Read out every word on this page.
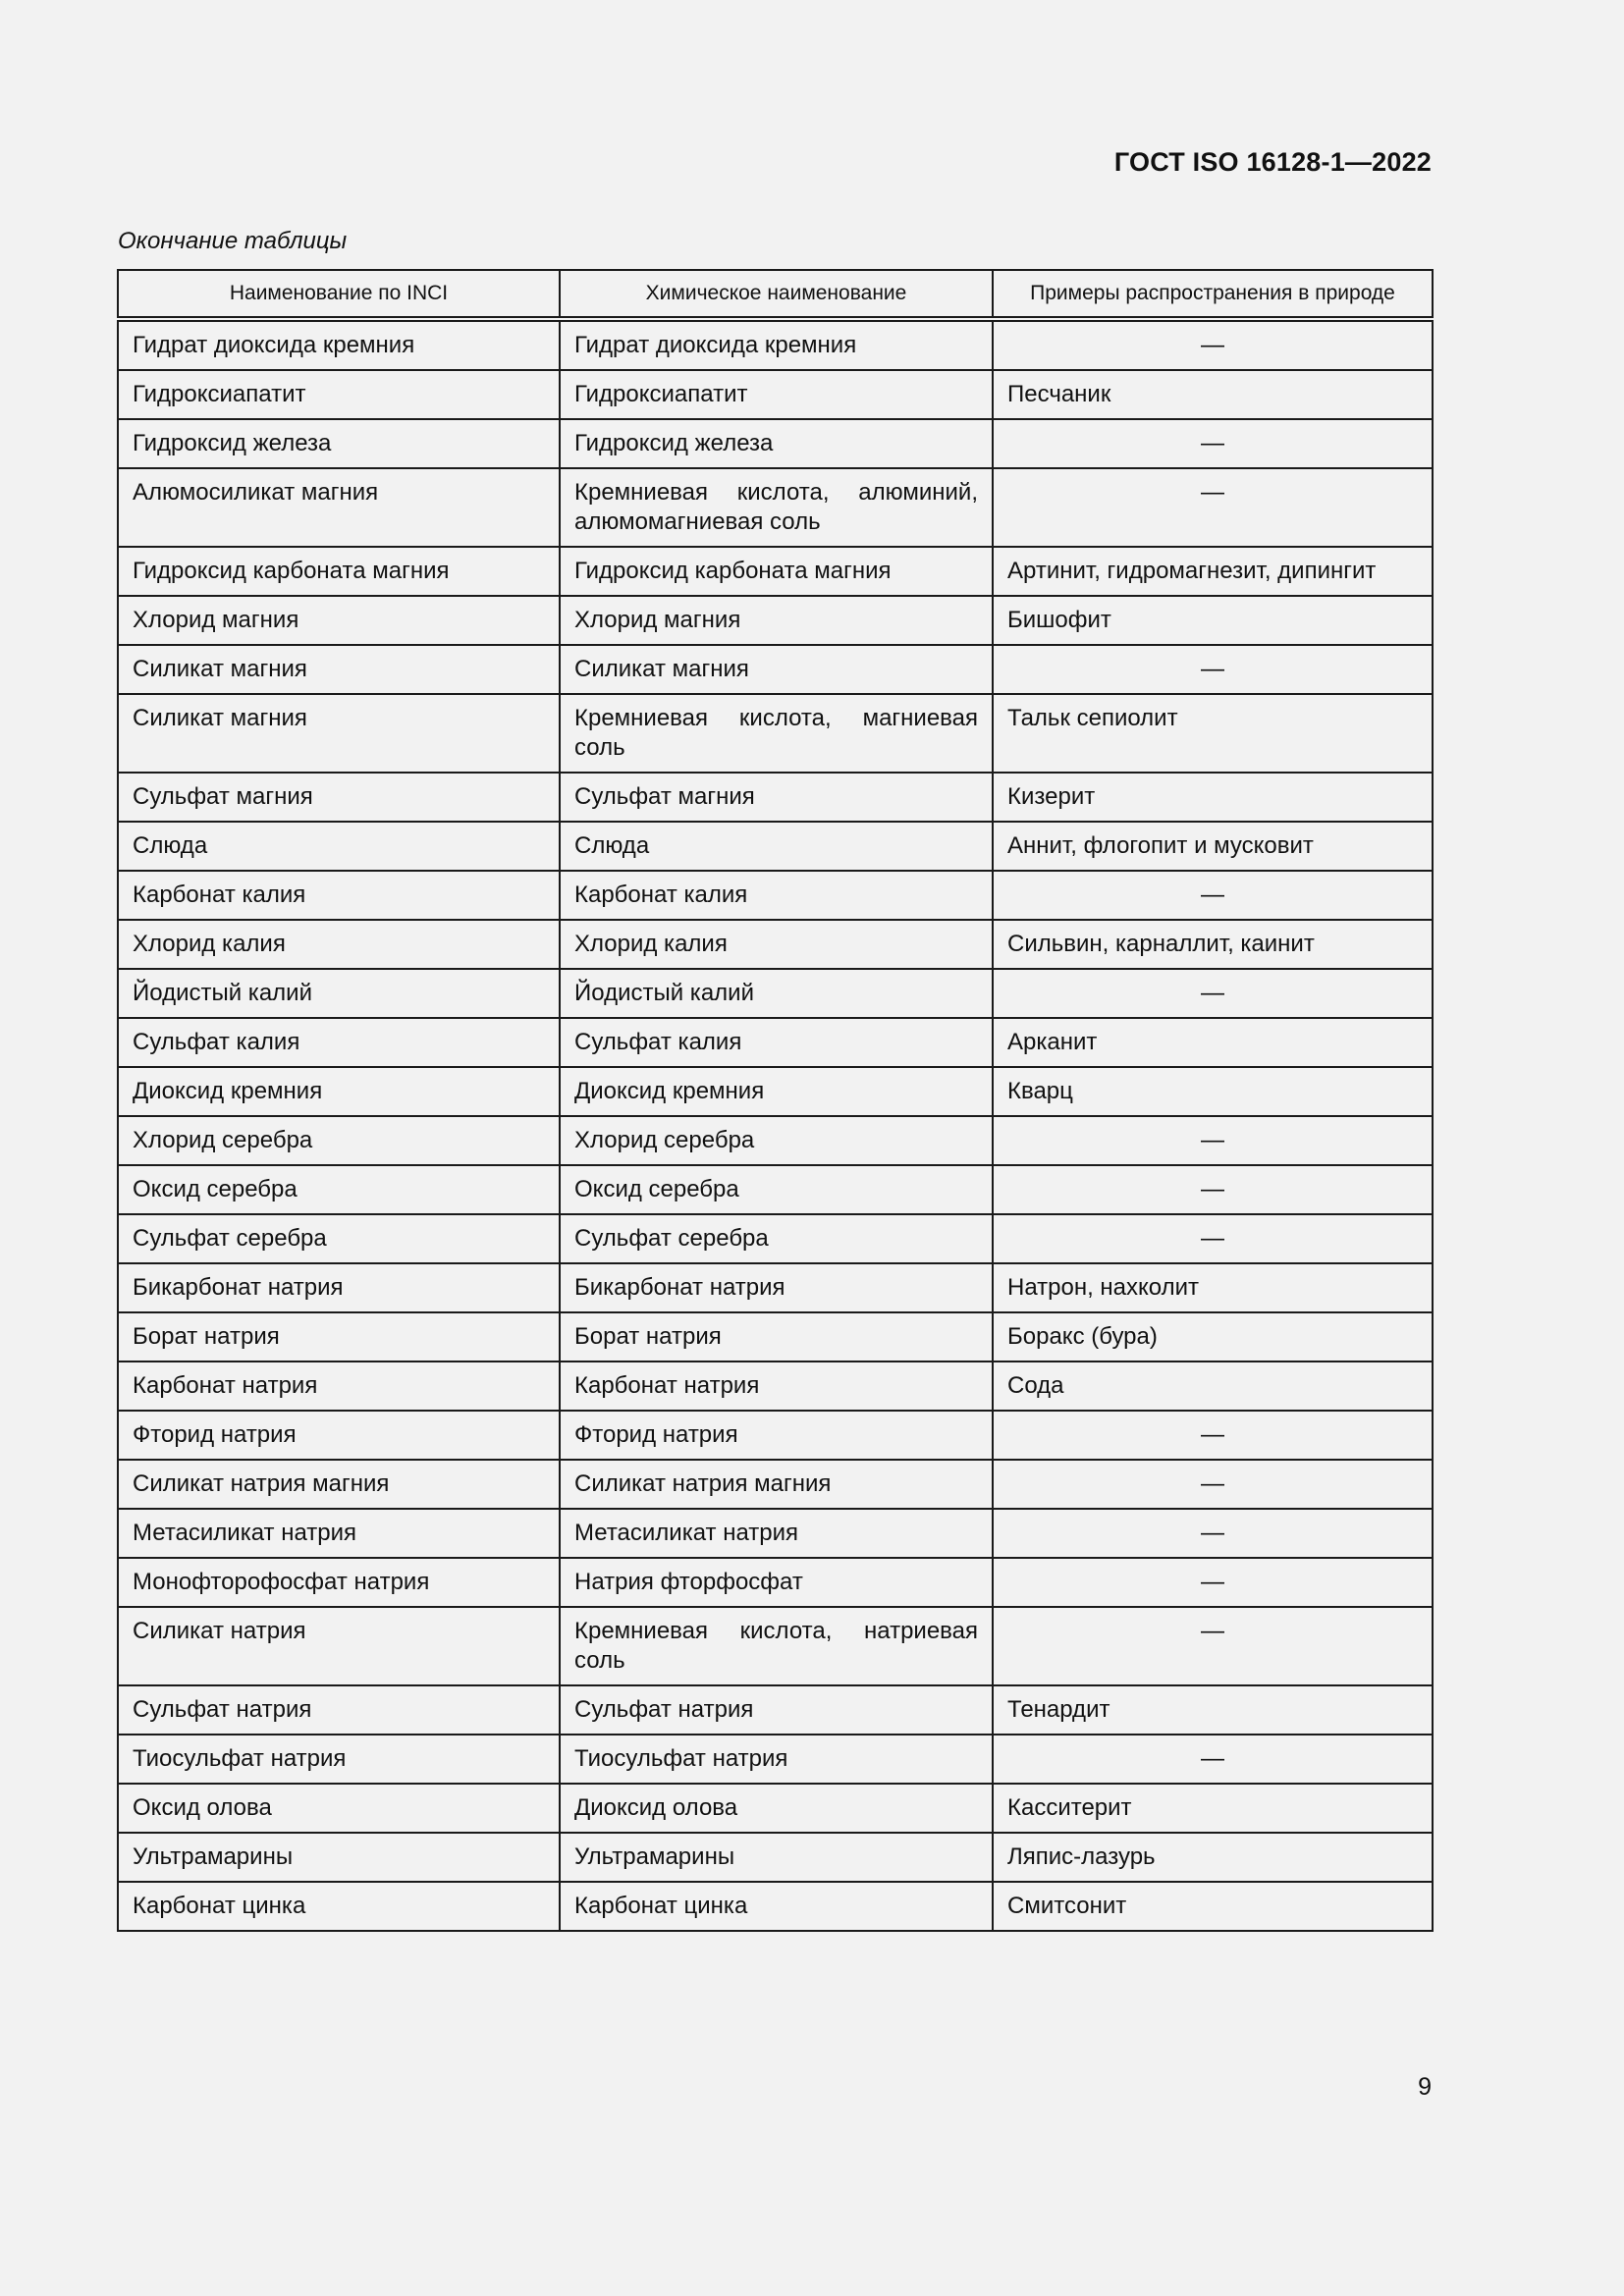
ГОСТ ISO 16128-1—2022
Окончание таблицы
Наименование по INCI	Химическое наименование	Примеры распространения в природе
Гидрат диоксида кремния	Гидрат диоксида кремния	—
Гидроксиапатит	Гидроксиапатит	Песчаник
Гидроксид железа	Гидроксид железа	—
Алюмосиликат магния	Кремниевая кислота, алюминий, алюмомагниевая соль	—
Гидроксид карбоната магния	Гидроксид карбоната магния	Артинит, гидромагнезит, дипингит
Хлорид магния	Хлорид магния	Бишофит
Силикат магния	Силикат магния	—
Силикат магния	Кремниевая кислота, магниевая соль	Тальк сепиолит
Сульфат магния	Сульфат магния	Кизерит
Слюда	Слюда	Аннит, флогопит и мусковит
Карбонат калия	Карбонат калия	—
Хлорид калия	Хлорид калия	Сильвин, карналлит, каинит
Йодистый калий	Йодистый калий	—
Сульфат калия	Сульфат калия	Арканит
Диоксид кремния	Диоксид кремния	Кварц
Хлорид серебра	Хлорид серебра	—
Оксид серебра	Оксид серебра	—
Сульфат серебра	Сульфат серебра	—
Бикарбонат натрия	Бикарбонат натрия	Натрон, нахколит
Борат натрия	Борат натрия	Боракс (бура)
Карбонат натрия	Карбонат натрия	Сода
Фторид натрия	Фторид натрия	—
Силикат натрия магния	Силикат натрия магния	—
Метасиликат натрия	Метасиликат натрия	—
Монофторофосфат натрия	Натрия фторфосфат	—
Силикат натрия	Кремниевая кислота, натриевая соль	—
Сульфат натрия	Сульфат натрия	Тенардит
Тиосульфат натрия	Тиосульфат натрия	—
Оксид олова	Диоксид олова	Касситерит
Ультрамарины	Ультрамарины	Ляпис-лазурь
Карбонат цинка	Карбонат цинка	Смитсонит
9
